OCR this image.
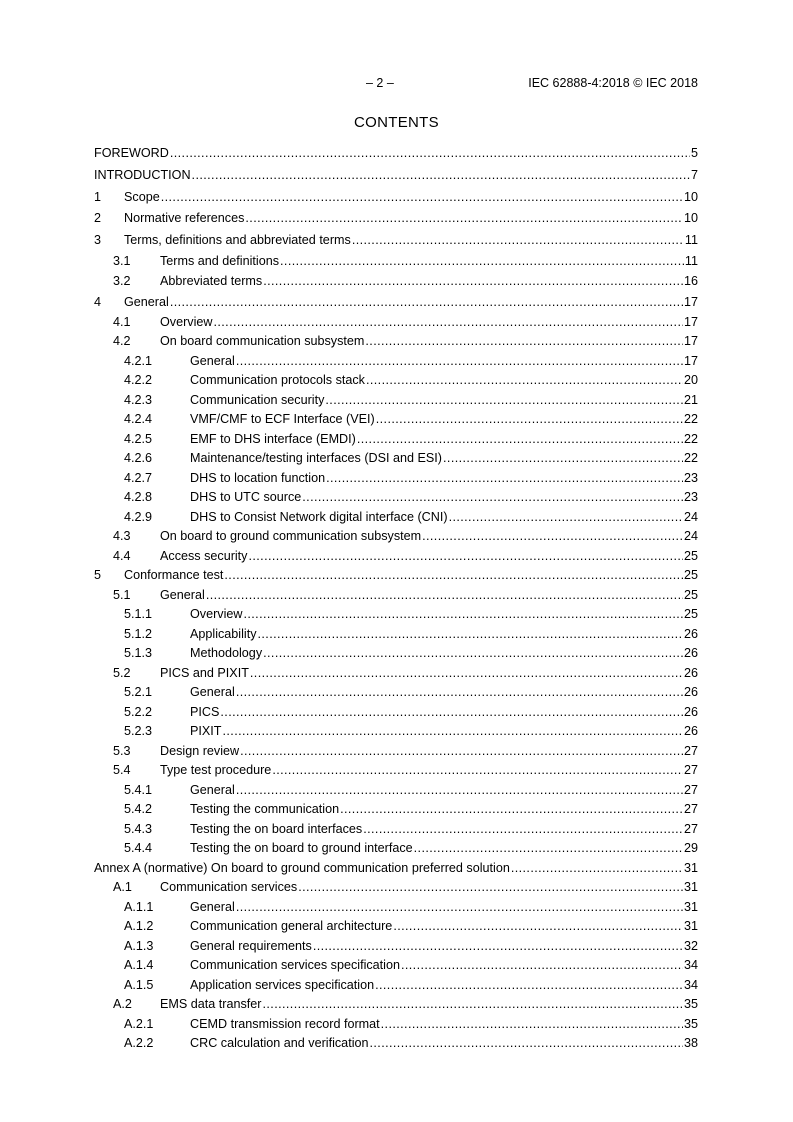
– 2 –	IEC 62888-4:2018 © IEC 2018
CONTENTS
FOREWORD .....	5
INTRODUCTION .....	7
1 Scope .....	10
2 Normative references .....	10
3 Terms, definitions and abbreviated terms .....	11
3.1 Terms and definitions .....	11
3.2 Abbreviated terms .....	16
4 General .....	17
4.1 Overview .....	17
4.2 On board communication subsystem .....	17
4.2.1	General .....	17
4.2.2	Communication protocols stack .....	20
4.2.3	Communication security .....	21
4.2.4	VMF/CMF to ECF Interface (VEI) .....	22
4.2.5	EMF to DHS interface (EMDI) .....	22
4.2.6	Maintenance/testing interfaces (DSI and ESI) .....	22
4.2.7	DHS to location function .....	23
4.2.8	DHS to UTC source .....	23
4.2.9	DHS to Consist Network digital interface (CNI) .....	24
4.3 On board to ground communication subsystem .....	24
4.4 Access security .....	25
5 Conformance test .....	25
5.1 General .....	25
5.1.1	Overview .....	25
5.1.2	Applicability .....	26
5.1.3	Methodology .....	26
5.2 PICS and PIXIT .....	26
5.2.1	General .....	26
5.2.2	PICS .....	26
5.2.3	PIXIT .....	26
5.3 Design review .....	27
5.4 Type test procedure .....	27
5.4.1	General .....	27
5.4.2	Testing the communication .....	27
5.4.3	Testing the on board interfaces .....	27
5.4.4	Testing the on board to ground interface .....	29
Annex A (normative) On board to ground communication preferred solution .....	31
A.1 Communication services .....	31
A.1.1	General .....	31
A.1.2	Communication general architecture .....	31
A.1.3	General requirements .....	32
A.1.4	Communication services specification .....	34
A.1.5	Application services specification .....	34
A.2 EMS data transfer .....	35
A.2.1	CEMD transmission record format .....	35
A.2.2	CRC calculation and verification .....	38
